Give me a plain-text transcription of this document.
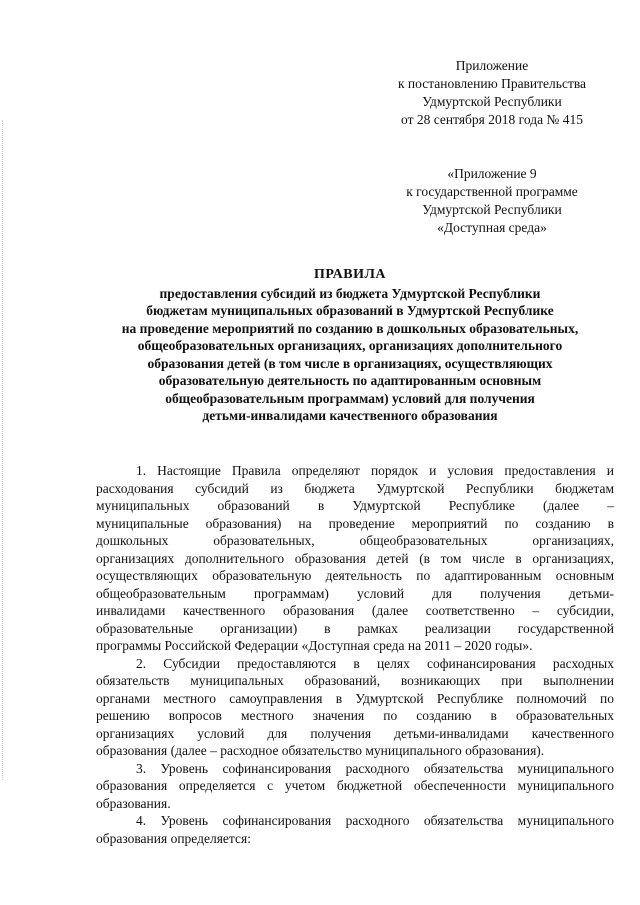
Приложение
к постановлению Правительства
Удмуртской Республики
от 28 сентября 2018 года № 415
«Приложение 9
к государственной программе
Удмуртской Республики
«Доступная среда»
ПРАВИЛА
предоставления субсидий из бюджета Удмуртской Республики
бюджетам муниципальных образований в Удмуртской Республике
на проведение мероприятий по созданию в дошкольных образовательных,
общеобразовательных организациях, организациях дополнительного
образования детей (в том числе в организациях, осуществляющих
образовательную деятельность по адаптированным основным
общеобразовательным программам) условий для получения
детьми-инвалидами качественного образования
1. Настоящие Правила определяют порядок и условия предоставления и
расходования субсидий из бюджета Удмуртской Республики бюджетам
муниципальных образований в Удмуртской Республике (далее –
муниципальные образования) на проведение мероприятий по созданию в
дошкольных образовательных, общеобразовательных организациях,
организациях дополнительного образования детей (в том числе в организациях,
осуществляющих образовательную деятельность по адаптированным основным
общеобразовательным программам) условий для получения детьми-
инвалидами качественного образования (далее соответственно – субсидии,
образовательные организации) в рамках реализации государственной
программы Российской Федерации «Доступная среда на 2011 – 2020 годы».
2. Субсидии предоставляются в целях софинансирования расходных
обязательств муниципальных образований, возникающих при выполнении
органами местного самоуправления в Удмуртской Республике полномочий по
решению вопросов местного значения по созданию в образовательных
организациях условий для получения детьми-инвалидами качественного
образования (далее – расходное обязательство муниципального образования).
3. Уровень софинансирования расходного обязательства муниципального
образования определяется с учетом бюджетной обеспеченности муниципального
образования.
4. Уровень софинансирования расходного обязательства муниципального
образования определяется:
